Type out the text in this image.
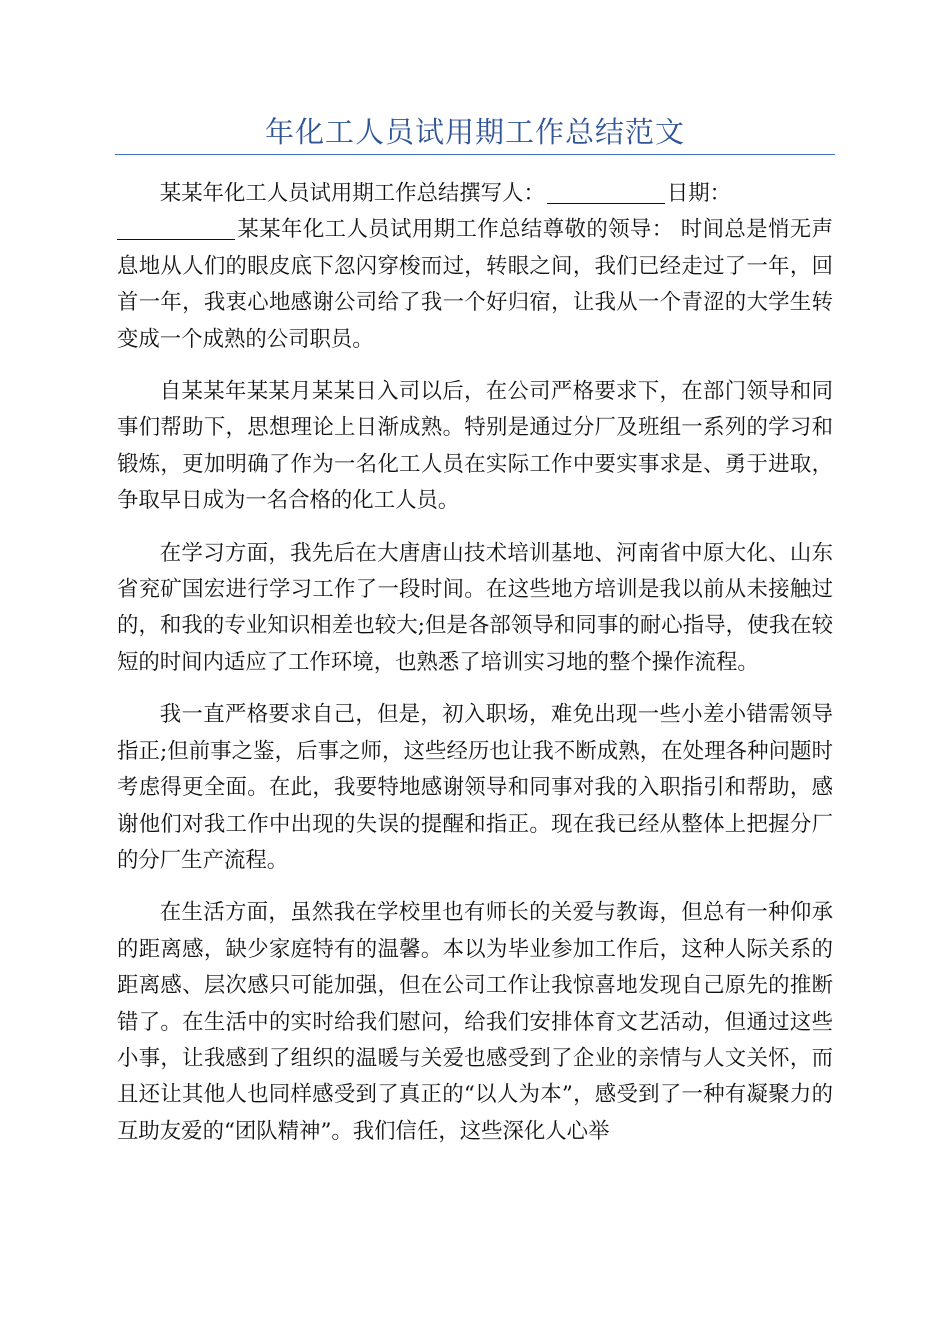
年化工人员试用期工作总结范文

某某年化工人员试用期工作总结撰写人：	日期：
某某年化工人员试用期工作总结尊敬的领导： 时间总是悄无声息地从人们的眼皮底下忽闪穿梭而过，转眼之间，我们已经走过了一年，回首一年，我衷心地感谢公司给了我一个好归宿，让我从一个青涩的大学生转变成一个成熟的公司职员。

自某某年某某月某某日入司以后，在公司严格要求下，在部门领导和同事们帮助下，思想理论上日渐成熟。特别是通过分厂及班组一系列的学习和锻炼，更加明确了作为一名化工人员在实际工作中要实事求是、勇于进取，争取早日成为一名合格的化工人员。

在学习方面，我先后在大唐唐山技术培训基地、河南省中原大化、山东省兖矿国宏进行学习工作了一段时间。在这些地方培训是我以前从未接触过的，和我的专业知识相差也较大;但是各部领导和同事的耐心指导，使我在较短的时间内适应了工作环境，也熟悉了培训实习地的整个操作流程。

我一直严格要求自己，但是，初入职场，难免出现一些小差小错需领导指正;但前事之鉴，后事之师，这些经历也让我不断成熟，在处理各种问题时考虑得更全面。在此，我要特地感谢领导和同事对我的入职指引和帮助，感谢他们对我工作中出现的失误的提醒和指正。现在我已经从整体上把握分厂的分厂生产流程。

在生活方面，虽然我在学校里也有师长的关爱与教诲，但总有一种仰承的距离感，缺少家庭特有的温馨。本以为毕业参加工作后，这种人际关系的距离感、层次感只可能加强，但在公司工作让我惊喜地发现自己原先的推断错了。在生活中的实时给我们慰问，给我们安排体育文艺活动，但通过这些小事，让我感到了组织的温暖与关爱也感受到了企业的亲情与人文关怀，而且还让其他人也同样感受到了真正的“以人为本”，感受到了一种有凝聚力的互助友爱的“团队精神”。我们信任，这些深化人心举
